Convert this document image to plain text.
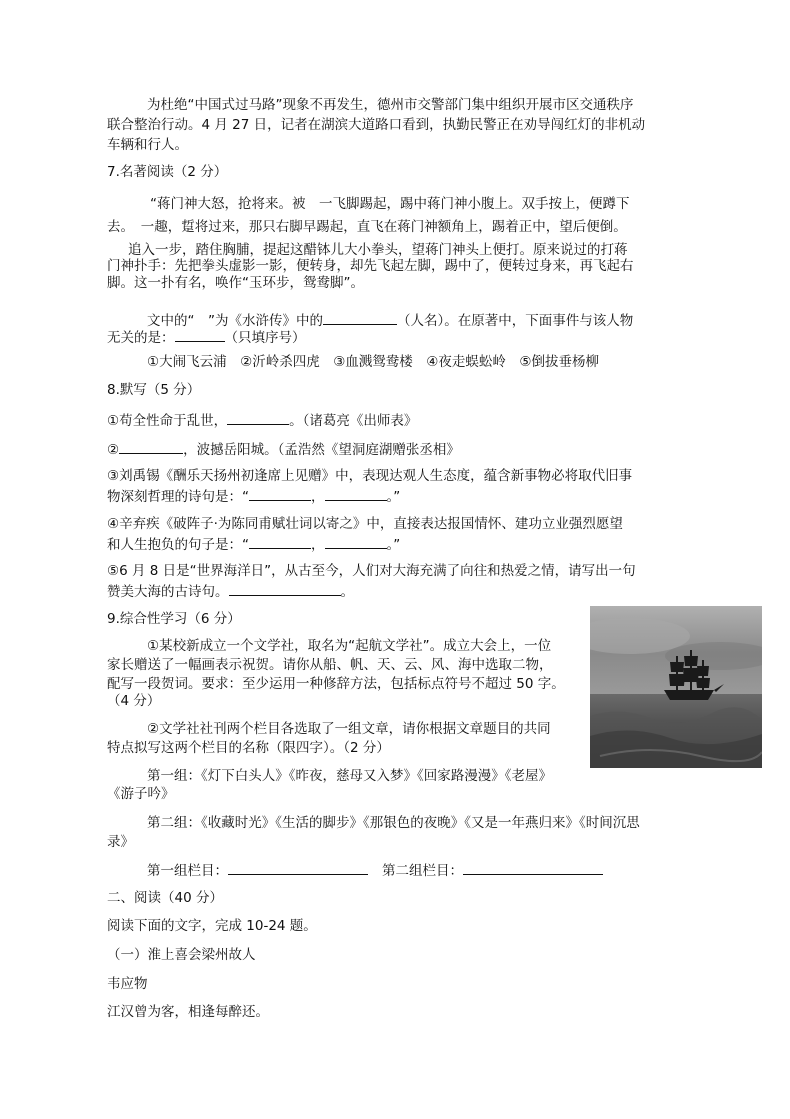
为杜绝“中国式过马路”现象不再发生，德州市交警部门集中组织开展市区交通秩序
联合整治行动。4 月 27 日，记者在湖滨大道路口看到，执勤民警正在劝导闯红灯的非机动
车辆和行人。
7.名著阅读（2 分）
“蒋门神大怒，抢将来。被　一飞脚踢起，踢中蒋门神小腹上。双手按上，便蹲下
去。　一趣，踅将过来，那只右脚早踢起，直飞在蒋门神额角上，踢着正中，望后便倒。
追入一步，踏住胸脯，提起这醋钵儿大小拳头，望蒋门神头上便打。原来说过的打蒋
门神扑手：先把拳头虚影一影，便转身，却先飞起左脚，踢中了，便转过身来，再飞起右
脚。这一扑有名，唤作“玉环步，鸳鸯脚”。
文中的“　”为《水浒传》中的	（人名）。在原著中，下面事件与该人物
无关的是：	（只填序号）
①大闹飞云浦　②沂岭杀四虎　③血溅鸳鸯楼　④夜走蜈蚣岭　⑤倒拔垂杨柳
8.默写（5 分）
①苟全性命于乱世，	。（诸葛亮《出师表》
②	，波撼岳阳城。（孟浩然《望洞庭湖赠张丞相》
③刘禹锡《酬乐天扬州初逢席上见赠》中，表现达观人生态度，蕴含新事物必将取代旧事
物深刻哲理的诗句是：“	，	。”
④辛弃疾《破阵子·为陈同甫赋壮词以寄之》中，直接表达报国情怀、建功立业强烈愿望
和人生抱负的句子是：“	，	。”
⑤6 月 8 日是“世界海洋日”，从古至今，人们对大海充满了向往和热爱之情，请写出一句
赞美大海的古诗句。	。
9.综合性学习（6 分）
①某校新成立一个文学社，取名为“起航文学社”。成立大会上，一位
家长赠送了一幅画表示祝贺。请你从船、帆、天、云、风、海中选取二物，
配写一段贺词。要求：至少运用一种修辞方法，包括标点符号不超过 50 字。
（4 分）
②文学社社刊两个栏目各选取了一组文章，请你根据文章题目的共同
特点拟写这两个栏目的名称（限四字）。（2 分）
第一组：《灯下白头人》《昨夜，慈母又入梦》《回家路漫漫》《老屋》
《游子吟》
第二组：《收藏时光》《生活的脚步》《那银色的夜晚》《又是一年燕归来》《时间沉思
录》
第一组栏目：	第二组栏目：
二、阅读（40 分）
阅读下面的文字，完成 10-24 题。
（一）淮上喜会梁州故人
韦应物
江汉曾为客，相逢每醉还。
